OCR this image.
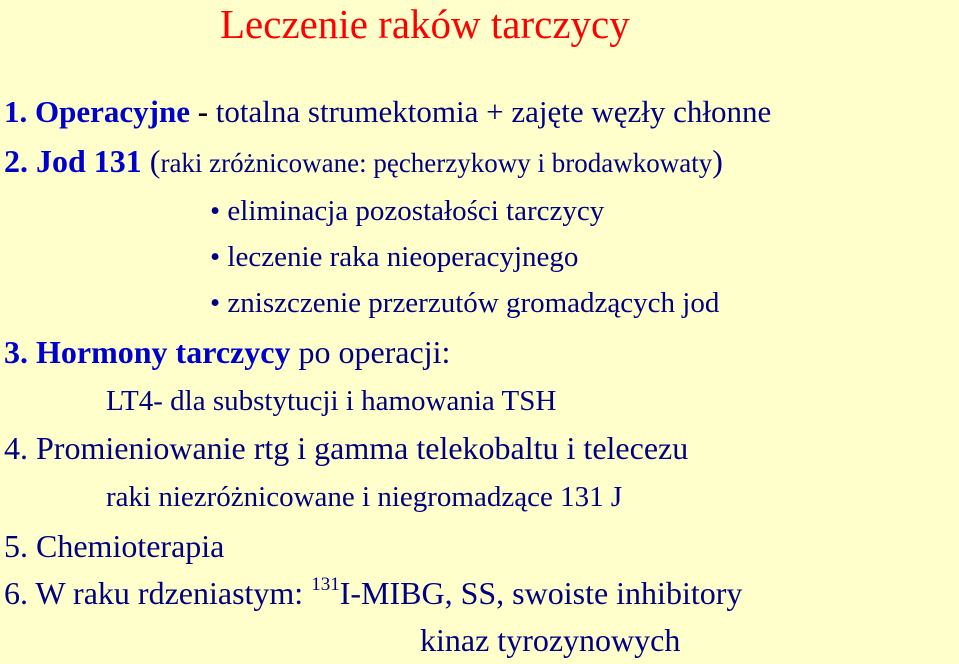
Leczenie raków tarczycy
1. Operacyjne - totalna strumektomia + zajęte węzły chłonne
2. Jod 131 (raki zróżnicowane: pęcherzykowy i brodawkowaty)
• eliminacja pozostałości tarczycy
• leczenie raka nieoperacyjnego
• zniszczenie przerzutów gromadzących jod
3. Hormony tarczycy po operacji:
LT4- dla substytucji i hamowania TSH
4. Promieniowanie rtg i gamma telekobaltu i telecezu
raki niezróżnicowane i niegromadzące 131 J
5. Chemioterapia
6. W raku rdzeniastym: $^{131}$I-MIBG, SS, swoiste inhibitory
kinaz tyrozynowych
